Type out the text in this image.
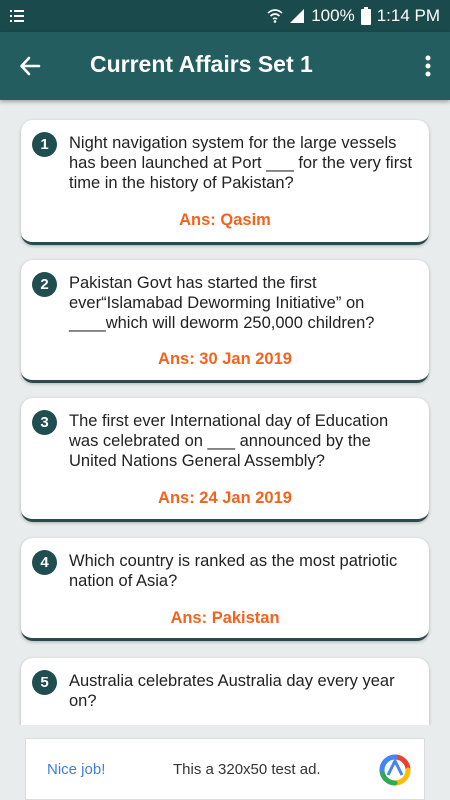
100% 1:14 PM
Current Affairs Set 1
1	Night navigation system for the large vessels has been launched at Port ___ for the very first time in the history of Pakistan?
Ans: Qasim
2	Pakistan Govt has started the first ever“Islamabad Deworming Initiative” on ____which will deworm 250,000 children?
Ans: 30 Jan 2019
3	The first ever International day of Education was celebrated on ___ announced by the United Nations General Assembly?
Ans: 24 Jan 2019
4	Which country is ranked as the most patriotic nation of Asia?
Ans: Pakistan
5	Australia celebrates Australia day every year on?
Nice job!	This a 320x50 test ad.
